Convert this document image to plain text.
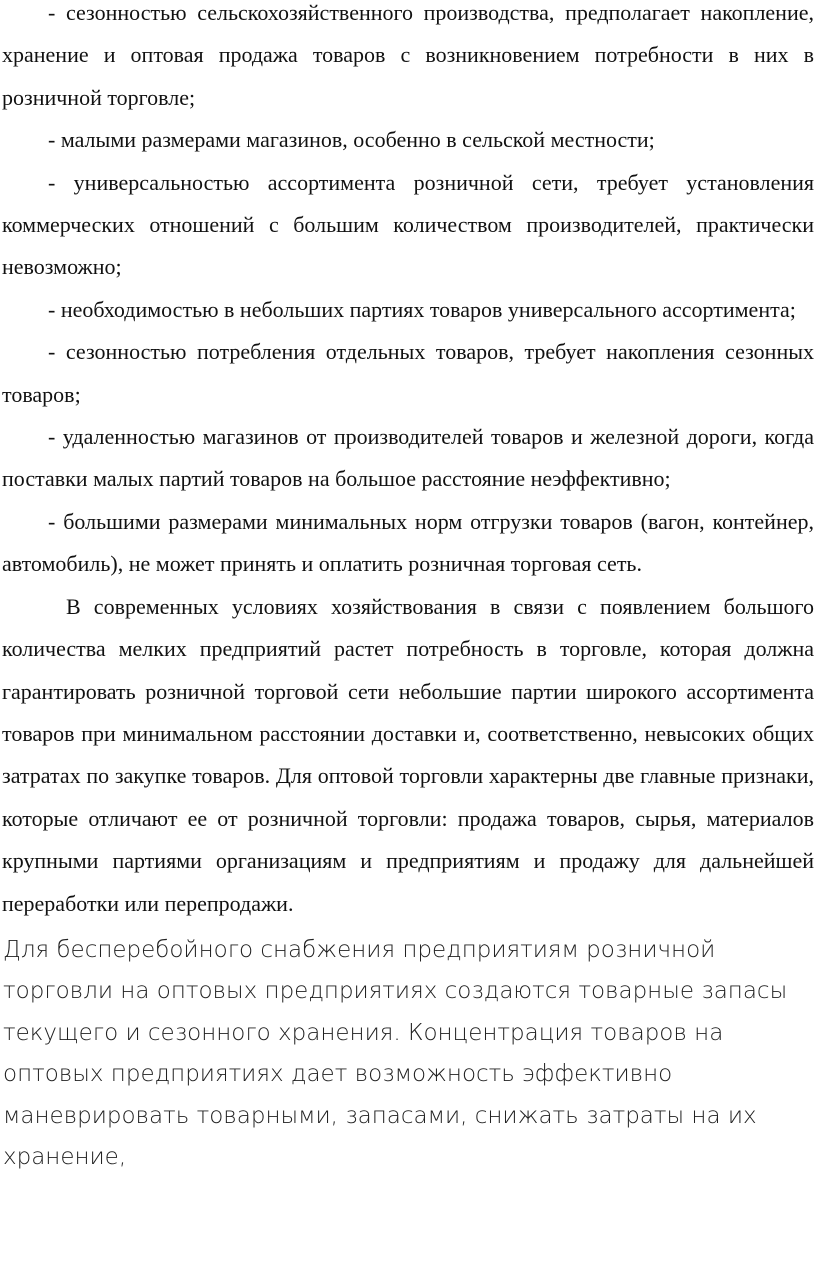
- сезонностью сельскохозяйственного производства, предполагает накопление, хранение и оптовая продажа товаров с возникновением потребности в них в розничной торговле;

- малыми размерами магазинов, особенно в сельской местности;

- универсальностью ассортимента розничной сети, требует установления коммерческих отношений с большим количеством производителей, практически невозможно;

- необходимостью в небольших партиях товаров универсального ассортимента;

- сезонностью потребления отдельных товаров, требует накопления сезонных товаров;

- удаленностью магазинов от производителей товаров и железной дороги, когда поставки малых партий товаров на большое расстояние неэффективно;

- большими размерами минимальных норм отгрузки товаров (вагон, контейнер, автомобиль), не может принять и оплатить розничная торговая сеть.

В современных условиях хозяйствования в связи с появлением большого количества мелких предприятий растет потребность в торговле, которая должна гарантировать розничной торговой сети небольшие партии широкого ассортимента товаров при минимальном расстоянии доставки и, соответственно, невысоких общих затратах по закупке товаров. Для оптовой торговли характерны две главные признаки, которые отличают ее от розничной торговли: продажа товаров, сырья, материалов крупными партиями организациям и предприятиям и продажу для дальнейшей переработки или перепродажи.

Для бесперебойного снабжения предприятиям розничной торговли на оптовых предприятиях создаются товарные запасы текущего и сезонного хранения. Концентрация товаров на оптовых предприятиях дает возможность эффективно маневрировать товарными, запасами, снижать затраты на их хранение,
